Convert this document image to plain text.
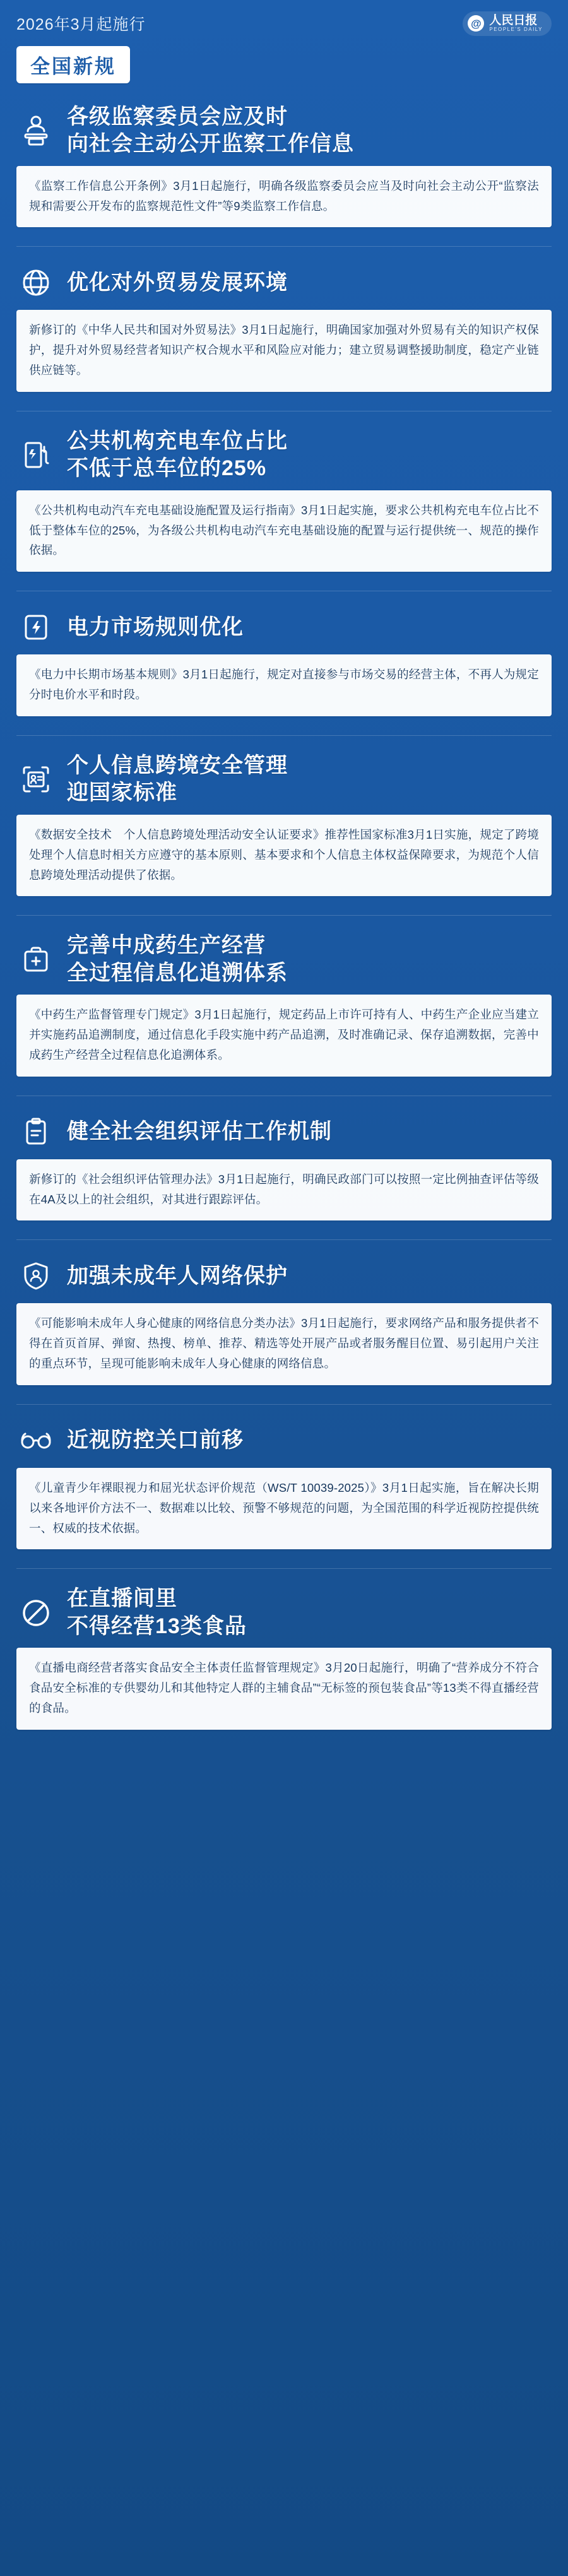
2026年3月起施行	@ 人民日报
PEOPLE'S DAILY
全国新规
各级监察委员会应及时
向社会主动公开监察工作信息
《监察工作信息公开条例》3月1日起施行，明确各级监察委员会应当及时向社会主动公开“监察法规和需要公开发布的监察规范性文件”等9类监察工作信息。
优化对外贸易发展环境
新修订的《中华人民共和国对外贸易法》3月1日起施行，明确国家加强对外贸易有关的知识产权保护，提升对外贸易经营者知识产权合规水平和风险应对能力；建立贸易调整援助制度，稳定产业链供应链等。
公共机构充电车位占比
不低于总车位的25%
《公共机构电动汽车充电基础设施配置及运行指南》3月1日起实施，要求公共机构充电车位占比不低于整体车位的25%，为各级公共机构电动汽车充电基础设施的配置与运行提供统一、规范的操作依据。
电力市场规则优化
《电力中长期市场基本规则》3月1日起施行，规定对直接参与市场交易的经营主体，不再人为规定分时电价水平和时段。
个人信息跨境安全管理
迎国家标准
《数据安全技术　个人信息跨境处理活动安全认证要求》推荐性国家标准3月1日实施，规定了跨境处理个人信息时相关方应遵守的基本原则、基本要求和个人信息主体权益保障要求，为规范个人信息跨境处理活动提供了依据。
完善中成药生产经营
全过程信息化追溯体系
《中药生产监督管理专门规定》3月1日起施行，规定药品上市许可持有人、中药生产企业应当建立并实施药品追溯制度，通过信息化手段实施中药产品追溯，及时准确记录、保存追溯数据，完善中成药生产经营全过程信息化追溯体系。
健全社会组织评估工作机制
新修订的《社会组织评估管理办法》3月1日起施行，明确民政部门可以按照一定比例抽查评估等级在4A及以上的社会组织，对其进行跟踪评估。
加强未成年人网络保护
《可能影响未成年人身心健康的网络信息分类办法》3月1日起施行，要求网络产品和服务提供者不得在首页首屏、弹窗、热搜、榜单、推荐、精选等处开展产品或者服务醒目位置、易引起用户关注的重点环节，呈现可能影响未成年人身心健康的网络信息。
近视防控关口前移
《儿童青少年裸眼视力和屈光状态评价规范（WS/T 10039-2025）》3月1日起实施，旨在解决长期以来各地评价方法不一、数据难以比较、预警不够规范的问题，为全国范围的科学近视防控提供统一、权威的技术依据。
在直播间里
不得经营13类食品
《直播电商经营者落实食品安全主体责任监督管理规定》3月20日起施行，明确了“营养成分不符合食品安全标准的专供婴幼儿和其他特定人群的主辅食品”“无标签的预包装食品”等13类不得直播经营的食品。
